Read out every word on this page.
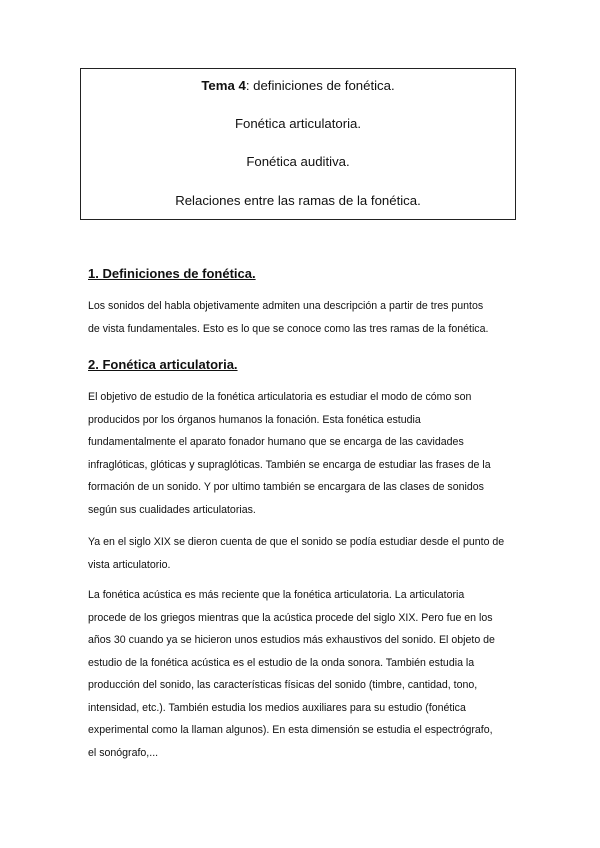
Tema 4: definiciones de fonética.
Fonética articulatoria.
Fonética auditiva.
Relaciones entre las ramas de la fonética.
1. Definiciones de fonética.
Los sonidos del habla objetivamente admiten una descripción a partir de tres puntos
de vista fundamentales. Esto es lo que se conoce como las tres ramas de la fonética.
2. Fonética articulatoria.
El objetivo de estudio de la fonética articulatoria es estudiar el modo de cómo son
producidos por los órganos humanos la fonación. Esta fonética estudia
fundamentalmente el aparato fonador humano que se encarga de las cavidades
infraglóticas, glóticas y supraglóticas. También se encarga de estudiar las frases de la
formación de un sonido. Y por ultimo también se encargara de las clases de sonidos
según sus cualidades articulatorias.
Ya en el siglo XIX se dieron cuenta de que el sonido se podía estudiar desde el punto de
vista articulatorio.
La fonética acústica es más reciente que la fonética articulatoria. La articulatoria
procede de los griegos mientras que la acústica procede del siglo XIX. Pero fue en los
años 30 cuando ya se hicieron unos estudios más exhaustivos del sonido. El objeto de
estudio de la fonética acústica es el estudio de la onda sonora. También estudia la
producción del sonido, las características físicas del sonido (timbre, cantidad, tono,
intensidad, etc.). También estudia los medios auxiliares para su estudio (fonética
experimental como la llaman algunos). En esta dimensión se estudia el espectrógrafo,
el sonógrafo,...
